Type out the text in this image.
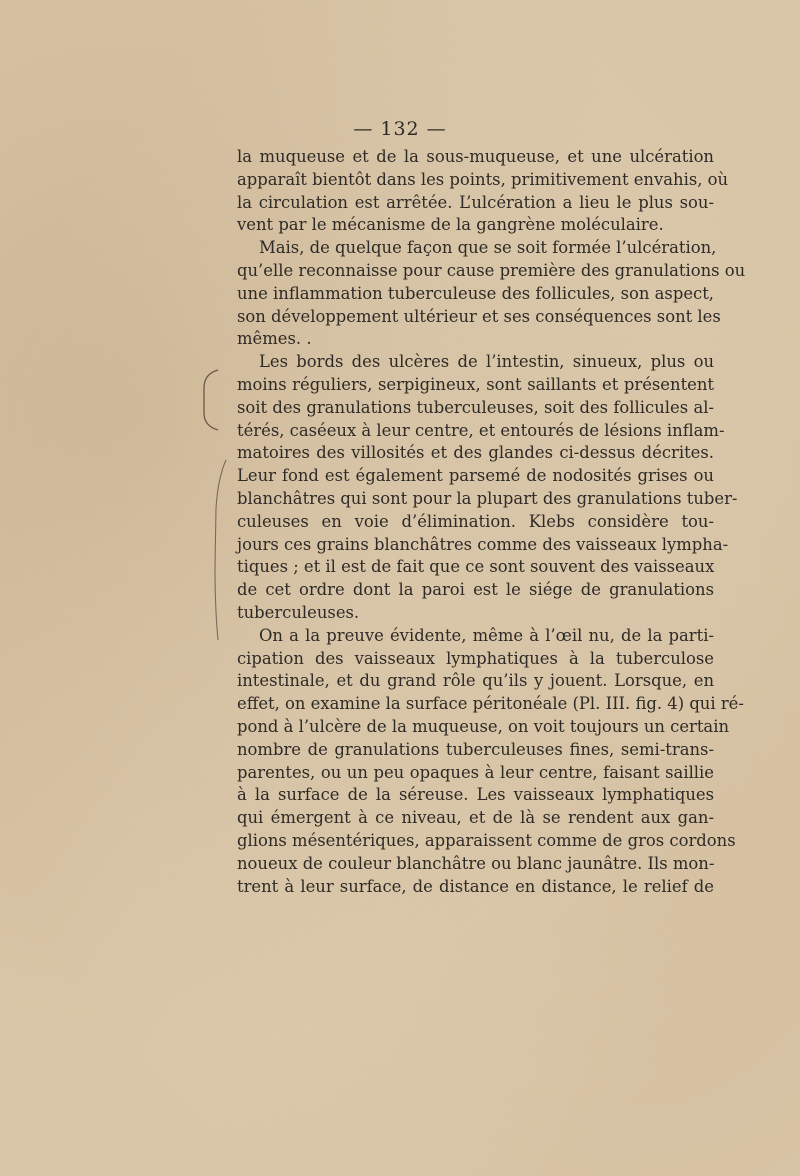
— 132 —
la muqueuse et de la sous-muqueuse, et une ulcération
apparaît bientôt dans les points, primitivement envahis, où
la circulation est arrêtée. L’ulcération a lieu le plus sou-
vent par le mécanisme de la gangrène moléculaire.
Mais, de quelque façon que se soit formée l’ulcération,
qu’elle reconnaisse pour cause première des granulations ou
une inflammation tuberculeuse des follicules, son aspect,
son développement ultérieur et ses conséquences sont les
mêmes. .
Les bords des ulcères de l’intestin, sinueux, plus ou
moins réguliers, serpigineux, sont saillants et présentent
soit des granulations tuberculeuses, soit des follicules al-
térés, caséeux à leur centre, et entourés de lésions inflam-
matoires des villosités et des glandes ci-dessus décrites.
Leur fond est également parsemé de nodosités grises ou
blanchâtres qui sont pour la plupart des granulations tuber-
culeuses en voie d’élimination. Klebs considère tou-
jours ces grains blanchâtres comme des vaisseaux lympha-
tiques ; et il est de fait que ce sont souvent des vaisseaux
de cet ordre dont la paroi est le siége de granulations
tuberculeuses.
On a la preuve évidente, même à l’œil nu, de la parti-
cipation des vaisseaux lymphatiques à la tuberculose
intestinale, et du grand rôle qu’ils y jouent. Lorsque, en
effet, on examine la surface péritonéale (Pl. III. fig. 4) qui ré-
pond à l’ulcère de la muqueuse, on voit toujours un certain
nombre de granulations tuberculeuses fines, semi-trans-
parentes, ou un peu opaques à leur centre, faisant saillie
à la surface de la séreuse. Les vaisseaux lymphatiques
qui émergent à ce niveau, et de là se rendent aux gan-
glions mésentériques, apparaissent comme de gros cordons
noueux de couleur blanchâtre ou blanc jaunâtre. Ils mon-
trent à leur surface, de distance en distance, le relief de
